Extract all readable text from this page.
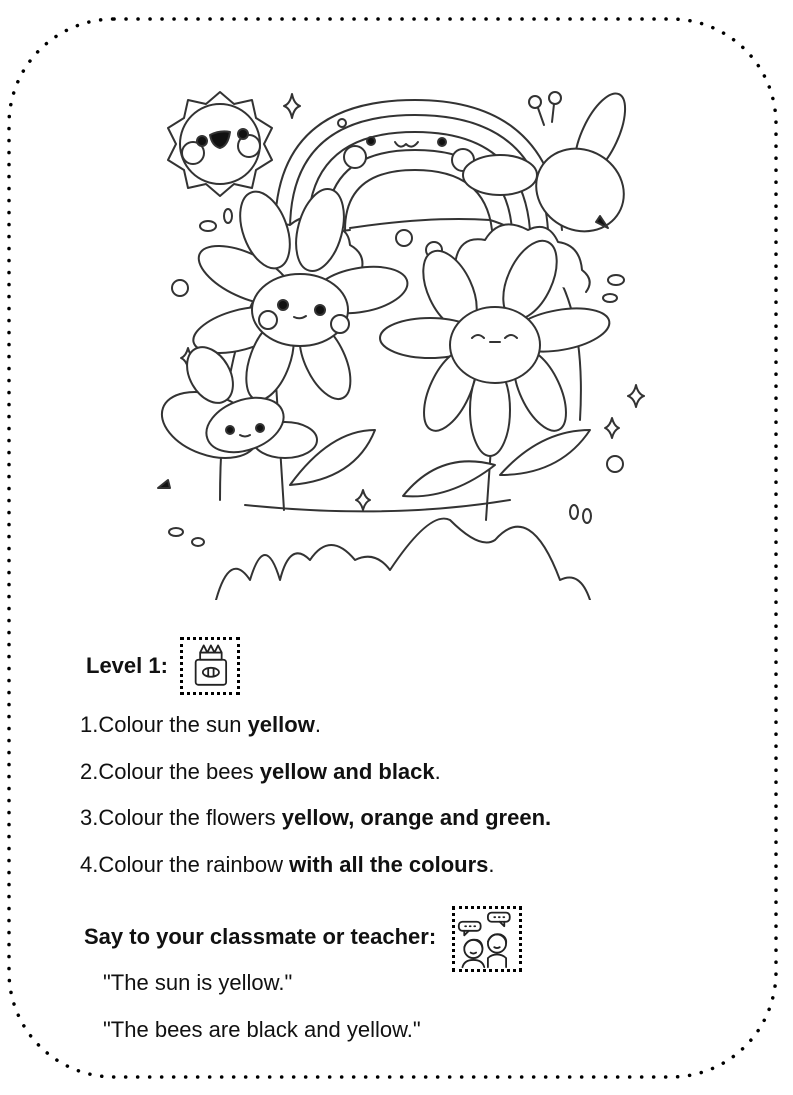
Level 1:
1.Colour the sun yellow.
2.Colour the bees yellow and black.
3.Colour the flowers yellow, orange and green.
4.Colour the rainbow with all the colours.
Say to your classmate or teacher:
"The sun is yellow."
"The bees are black and yellow."
